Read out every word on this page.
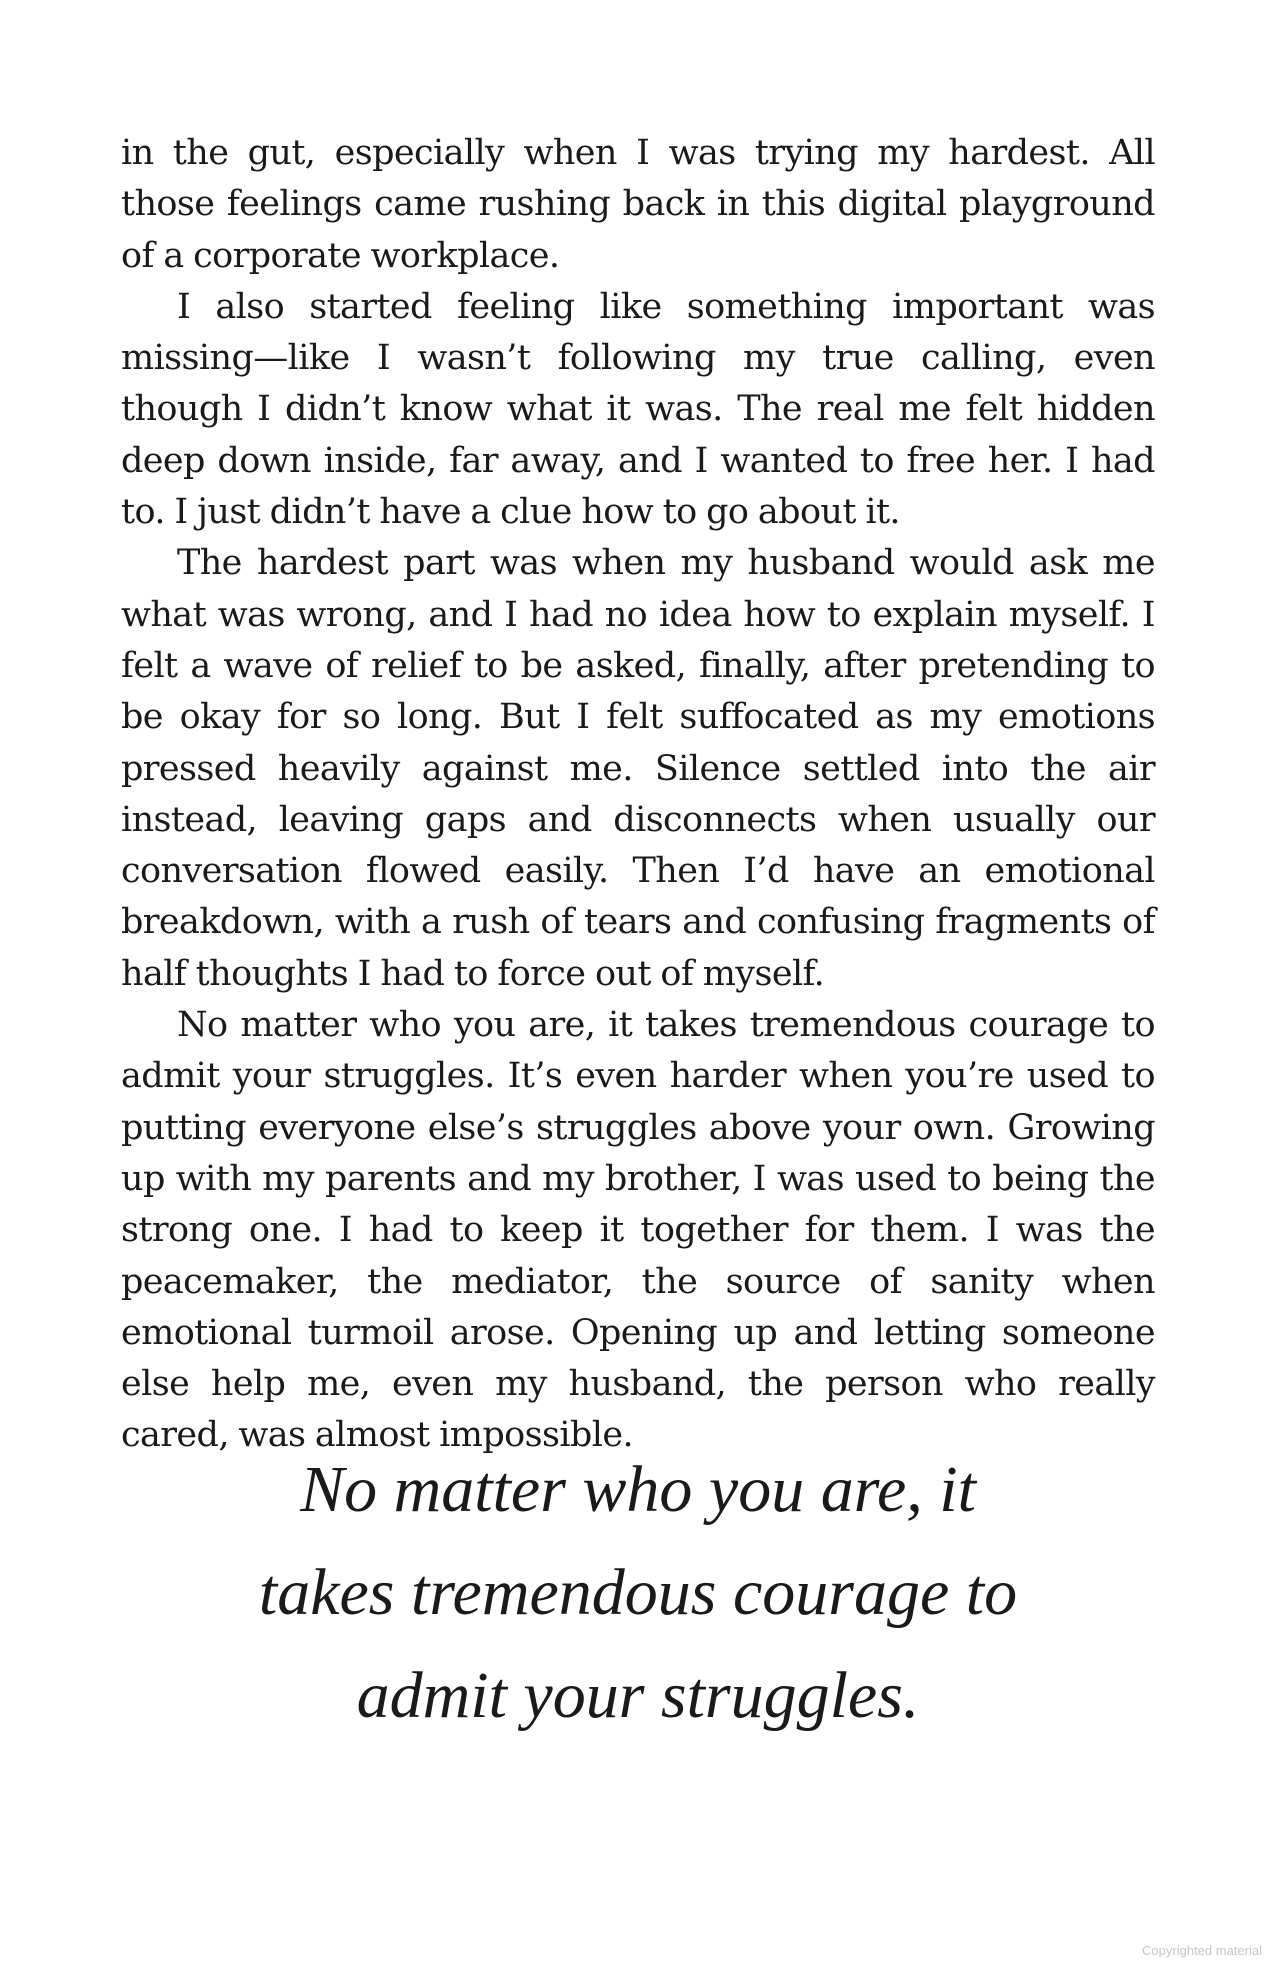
in the gut, especially when I was trying my hardest. All those feelings came rushing back in this digital playground of a corporate workplace.

I also started feeling like something important was missing—like I wasn’t following my true calling, even though I didn’t know what it was. The real me felt hidden deep down inside, far away, and I wanted to free her. I had to. I just didn’t have a clue how to go about it.

The hardest part was when my husband would ask me what was wrong, and I had no idea how to explain myself. I felt a wave of relief to be asked, finally, after pretending to be okay for so long. But I felt suffocated as my emotions pressed heavily against me. Silence settled into the air instead, leaving gaps and disconnects when usually our conversation flowed easily. Then I’d have an emotional breakdown, with a rush of tears and confusing fragments of half thoughts I had to force out of myself.

No matter who you are, it takes tremendous courage to admit your struggles. It’s even harder when you’re used to putting everyone else’s struggles above your own. Growing up with my parents and my brother, I was used to being the strong one. I had to keep it together for them. I was the peacemaker, the mediator, the source of sanity when emotional turmoil arose. Opening up and letting someone else help me, even my husband, the person who really cared, was almost impossible.

No matter who you are, it
takes tremendous courage to
admit your struggles.

Copyrighted material
